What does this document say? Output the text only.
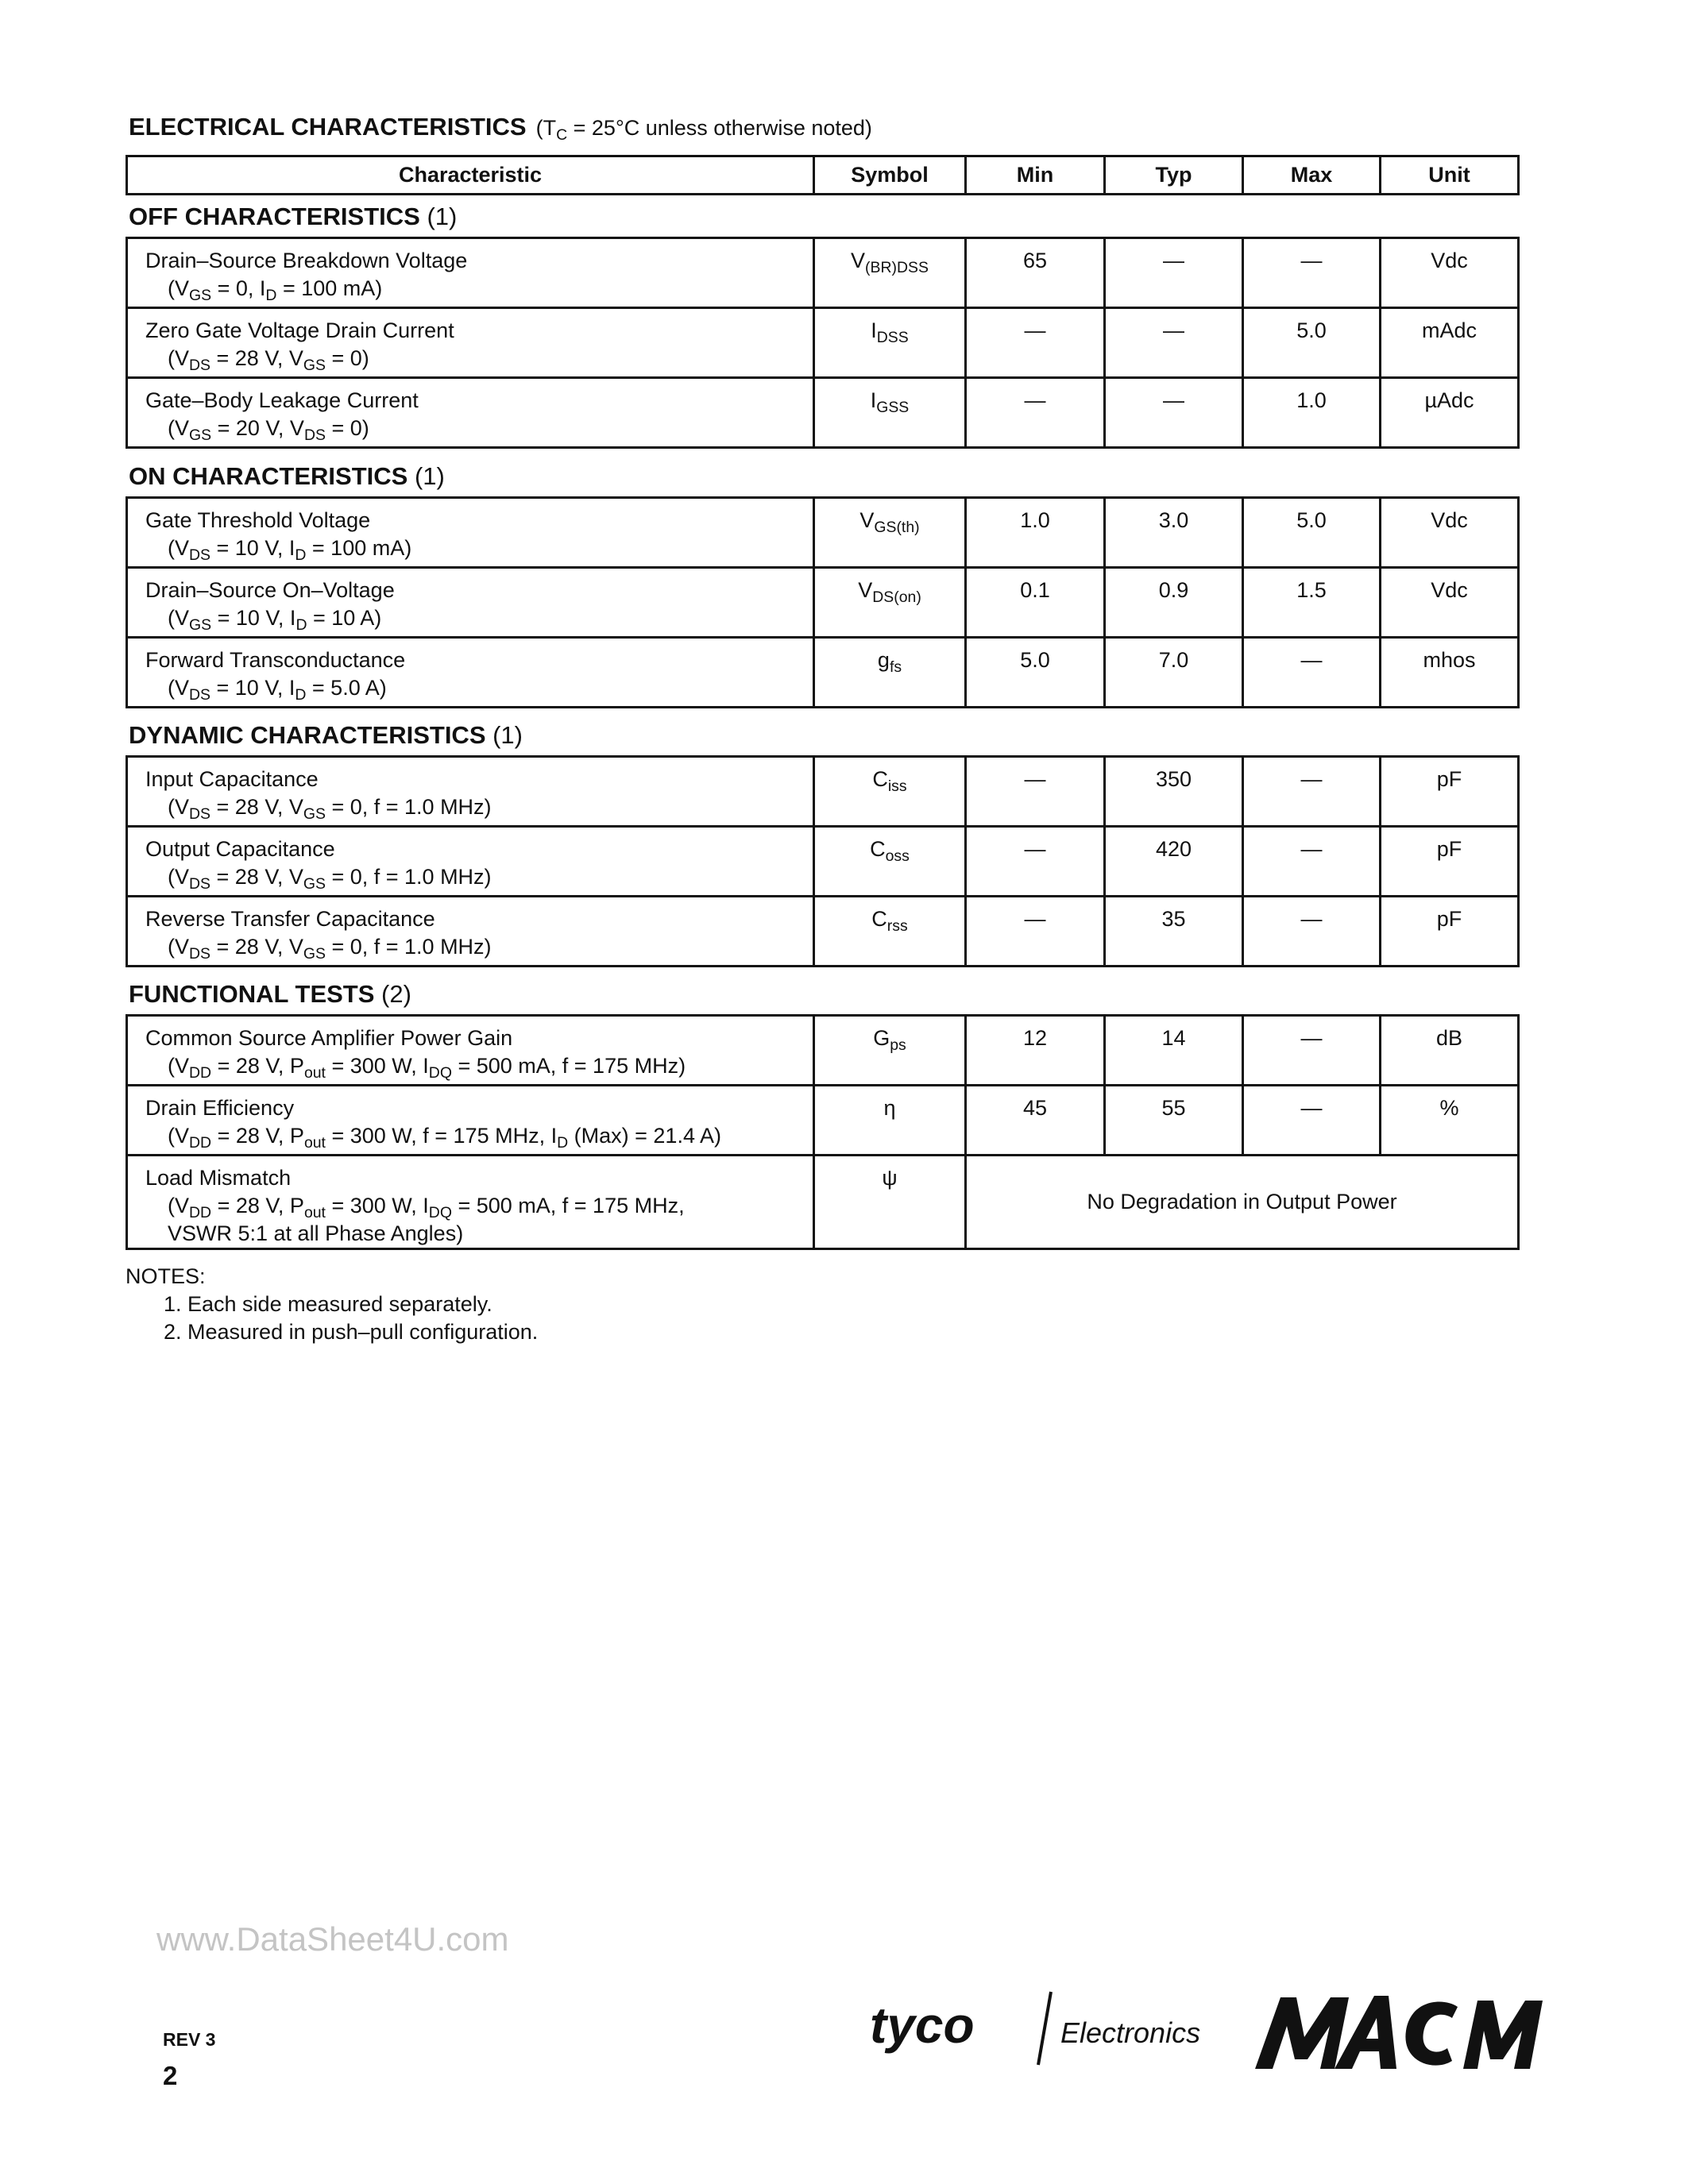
ELECTRICAL CHARACTERISTICS ($T_C = 25^\circ C$ unless otherwise noted)
Characteristic	Symbol	Min	Typ	Max	Unit
OFF CHARACTERISTICS (1)
Drain–Source Breakdown Voltage
($V_{GS} = 0$, $I_D = 100$ mA)	$V_{(BR)DSS}$	65	—	—	Vdc

Zero Gate Voltage Drain Current
($V_{DS} = 28$ V, $V_{GS} = 0$)	$I_{DSS}$	—	—	5.0	mAdc

Gate–Body Leakage Current
($V_{GS} = 20$ V, $V_{DS} = 0$)	$I_{GSS}$	—	—	1.0	µAdc
ON CHARACTERISTICS (1)
Gate Threshold Voltage
($V_{DS} = 10$ V, $I_D = 100$ mA)	$V_{GS(th)}$	1.0	3.0	5.0	Vdc

Drain–Source On–Voltage
($V_{GS} = 10$ V, $I_D = 10$ A)	$V_{DS(on)}$	0.1	0.9	1.5	Vdc

Forward Transconductance
($V_{DS} = 10$ V, $I_D = 5.0$ A)	$g_{fs}$	5.0	7.0	—	mhos
DYNAMIC CHARACTERISTICS (1)
Input Capacitance
($V_{DS} = 28$ V, $V_{GS} = 0$, f = 1.0 MHz)	$C_{iss}$	—	350	—	pF

Output Capacitance
($V_{DS} = 28$ V, $V_{GS} = 0$, f = 1.0 MHz)	$C_{oss}$	—	420	—	pF

Reverse Transfer Capacitance
($V_{DS} = 28$ V, $V_{GS} = 0$, f = 1.0 MHz)	$C_{rss}$	—	35	—	pF
FUNCTIONAL TESTS (2)
Common Source Amplifier Power Gain
($V_{DD} = 28$ V, $P_{out} = 300$ W, $I_{DQ} = 500$ mA, f = 175 MHz)	$G_{ps}$	12	14	—	dB

Drain Efficiency
($V_{DD} = 28$ V, $P_{out} = 300$ W, f = 175 MHz, $I_D$ (Max) = 21.4 A)	η	45	55	—	%

Load Mismatch
($V_{DD} = 28$ V, $P_{out} = 300$ W, $I_{DQ} = 500$ mA, f = 175 MHz,
VSWR 5:1 at all Phase Angles)	ψ	No Degradation in Output Power			
NOTES:
1. Each side measured separately.
2. Measured in push–pull configuration.
www.DataSheet4U.com
REV 3
2
tyco	Electronics
M/A-COM
